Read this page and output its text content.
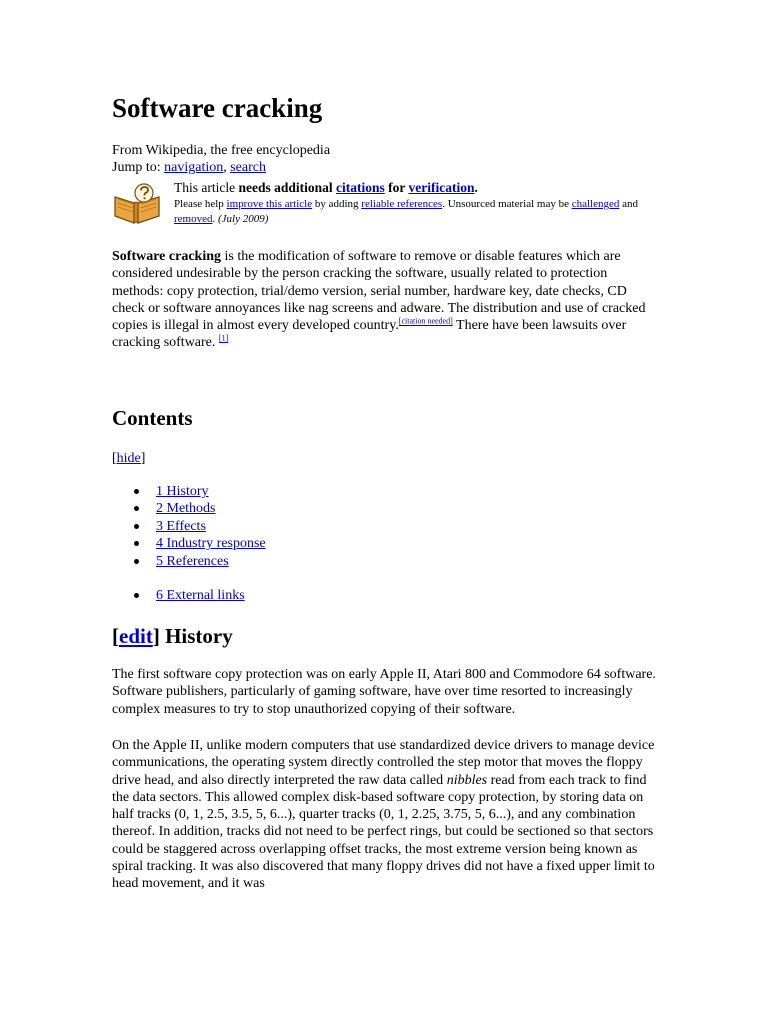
Software cracking
From Wikipedia, the free encyclopedia
Jump to: navigation, search
This article needs additional citations for verification.
Please help improve this article by adding reliable references. Unsourced material may be challenged and removed. (July 2009)

Software cracking is the modification of software to remove or disable features which are considered undesirable by the person cracking the software, usually related to protection methods: copy protection, trial/demo version, serial number, hardware key, date checks, CD check or software annoyances like nag screens and adware. The distribution and use of cracked copies is illegal in almost every developed country.[citation needed] There have been lawsuits over cracking software. [1]

Contents
[hide]
1 History
2 Methods
3 Effects
4 Industry response
5 References
6 External links
[edit] History

The first software copy protection was on early Apple II, Atari 800 and Commodore 64 software. Software publishers, particularly of gaming software, have over time resorted to increasingly complex measures to try to stop unauthorized copying of their software.

On the Apple II, unlike modern computers that use standardized device drivers to manage device communications, the operating system directly controlled the step motor that moves the floppy drive head, and also directly interpreted the raw data called nibbles read from each track to find the data sectors. This allowed complex disk-based software copy protection, by storing data on half tracks (0, 1, 2.5, 3.5, 5, 6...), quarter tracks (0, 1, 2.25, 3.75, 5, 6...), and any combination thereof. In addition, tracks did not need to be perfect rings, but could be sectioned so that sectors could be staggered across overlapping offset tracks, the most extreme version being known as spiral tracking. It was also discovered that many floppy drives did not have a fixed upper limit to head movement, and it was
